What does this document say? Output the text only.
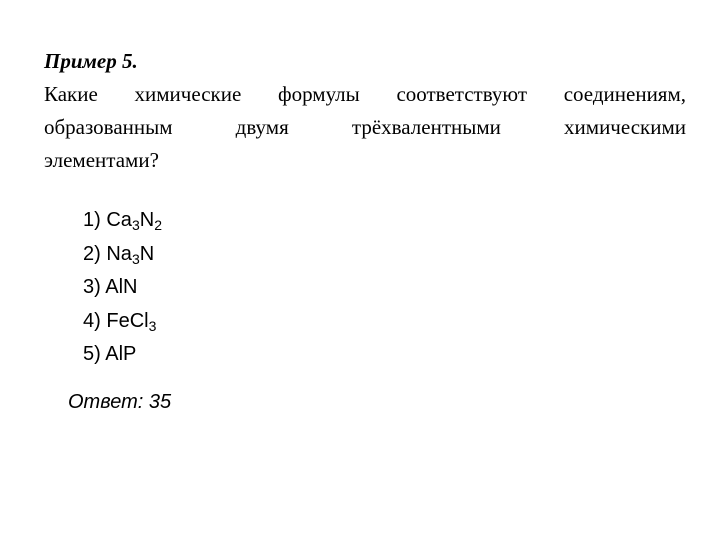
Пример 5.
Какие химические формулы соответствуют соединениям,
образованным двумя трёхвалентными химическими
элементами?
1) $Ca_3N_2$
2) $Na_3N$
3) AlN
4) FeCl$_3$
5) AlP
Ответ: 35
